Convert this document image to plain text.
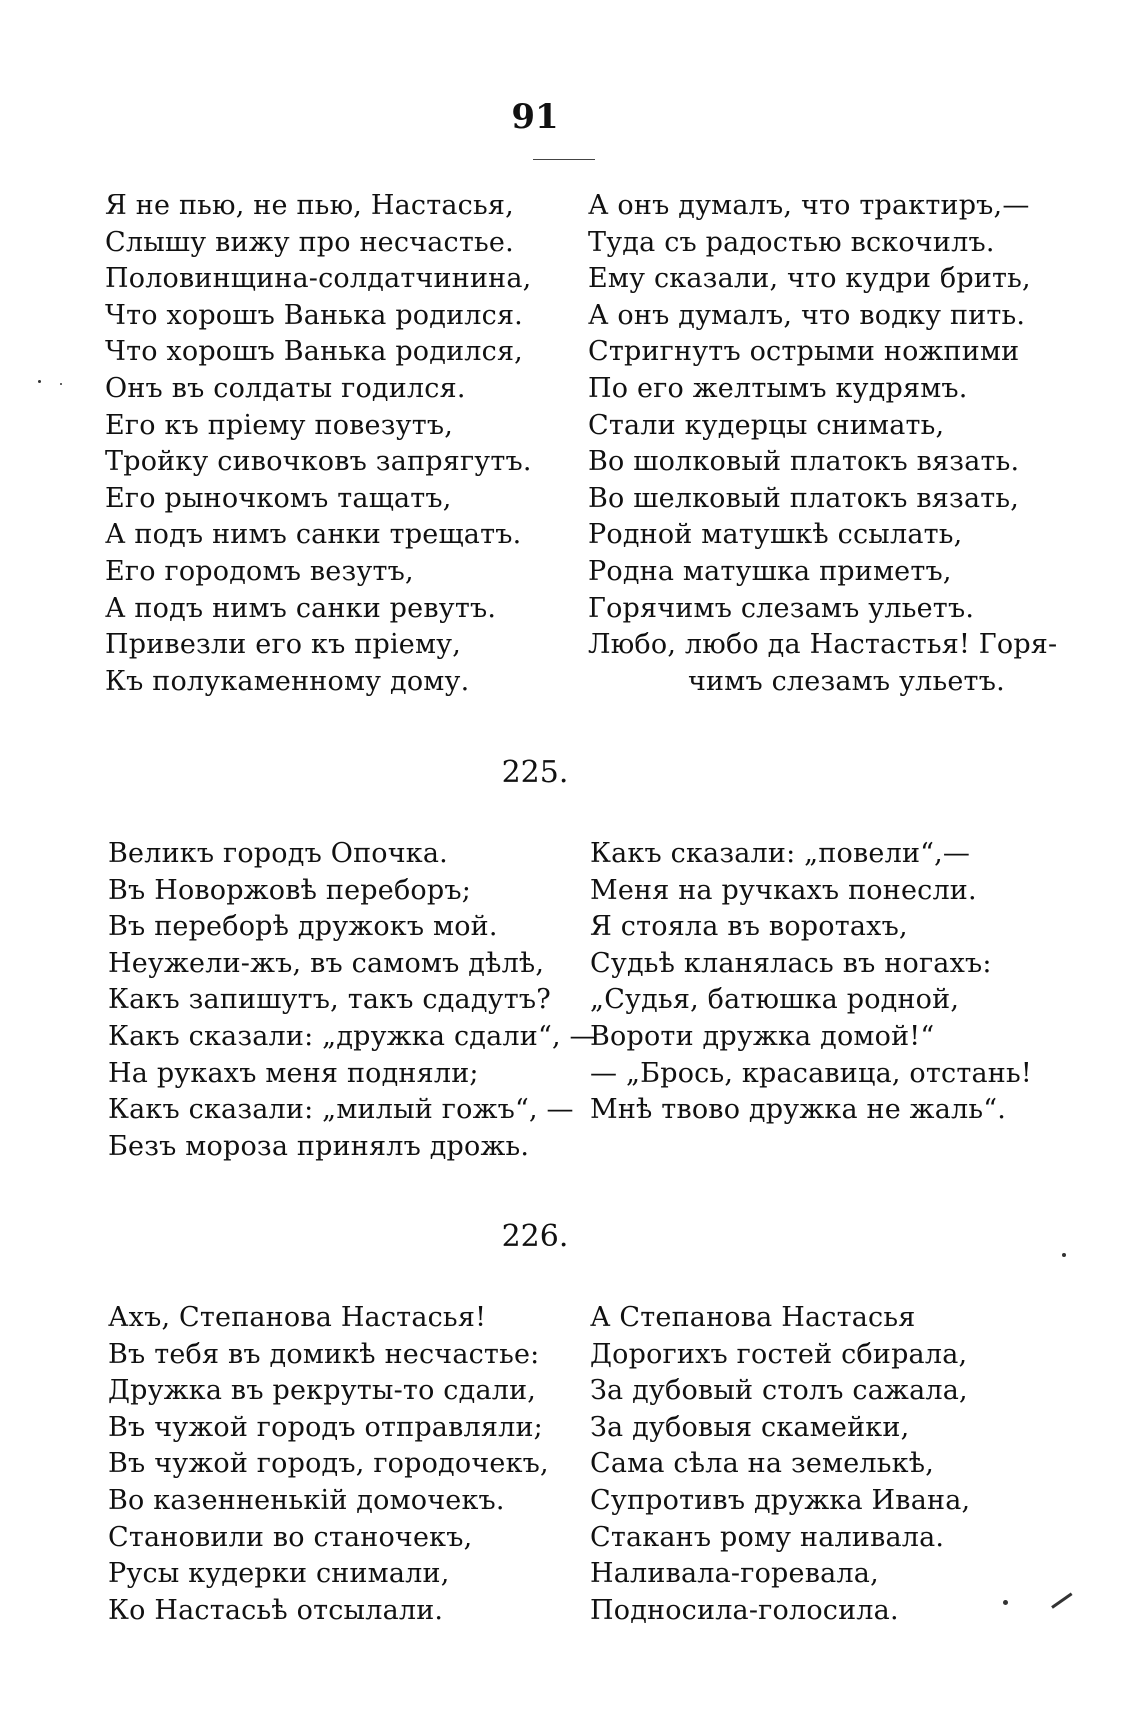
91
Я не пью, не пью, Настасья,
Слышу вижу про несчастье.
Половинщина-солдатчинина,
Что хорошъ Ванька родился.
Что хорошъ Ванька родился,
Онъ въ солдаты годился.
Его къ прiему повезутъ,
Тройку сивочковъ запрягутъ.
Его рыночкомъ тащатъ,
А подъ нимъ санки трещатъ.
Его городомъ везутъ,
А подъ нимъ санки ревутъ.
Привезли его къ прiему,
Къ полукаменному дому.
А онъ думалъ, что трактиръ,—
Туда съ радостью вскочилъ.
Ему сказали, что кудри брить,
А онъ думалъ, что водку пить.
Стригнутъ острыми ножпими
По его желтымъ кудрямъ.
Стали кудерцы снимать,
Во шолковый платокъ вязать.
Во шелковый платокъ вязать,
Родной матушкѣ ссылать,
Родна матушка приметъ,
Горячимъ слезамъ ульетъ.
Любо, любо да Настастья! Горя-
чимъ слезамъ ульетъ.
225.
Великъ городъ Опочка.
Въ Новоржовѣ переборъ;
Въ переборѣ дружокъ мой.
Неужели-жъ, въ самомъ дѣлѣ,
Какъ запишутъ, такъ сдадутъ?
Какъ сказали: „дружка сдали“, —
На рукахъ меня подняли;
Какъ сказали: „милый гожъ“, —
Безъ мороза принялъ дрожь.
Какъ сказали: „повели“,—
Меня на ручкахъ понесли.
Я стояла въ воротахъ,
Судьѣ кланялась въ ногахъ:
„Судья, батюшка родной,
Вороти дружка домой!“
— „Брось, красавица, отстань!
Мнѣ твово дружка не жаль“.
226.
Ахъ, Степанова Настасья!
Въ тебя въ домикѣ несчастье:
Дружка въ рекруты-то сдали,
Въ чужой городъ отправляли;
Въ чужой городъ, городочекъ,
Во казенненькiй домочекъ.
Становили во станочекъ,
Русы кудерки снимали,
Ко Настасьѣ отсылали.
А Степанова Настасья
Дорогихъ гостей сбирала,
За дубовый столъ сажала,
За дубовыя скамейки,
Сама сѣла на земелькѣ,
Супротивъ дружка Ивана,
Стаканъ рому наливала.
Наливала-горевала,
Подносила-голосила.
